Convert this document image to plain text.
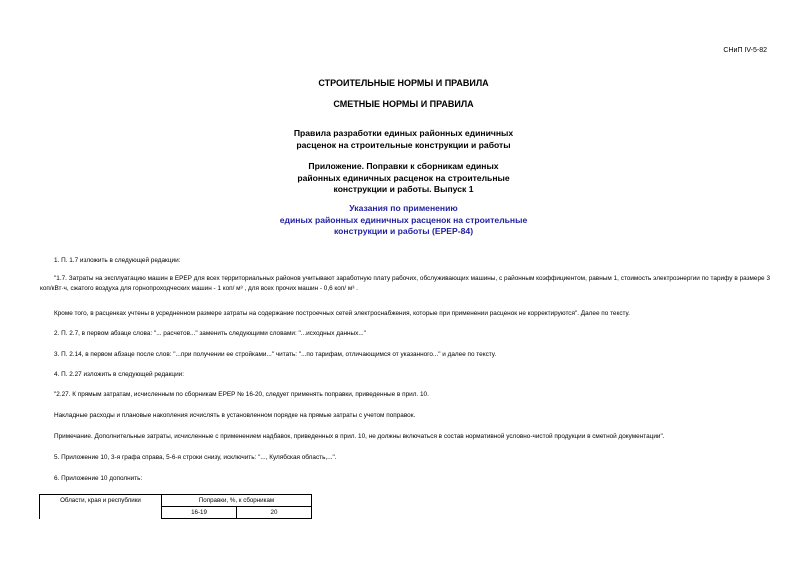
СНиП IV-5-82
СТРОИТЕЛЬНЫЕ НОРМЫ И ПРАВИЛА
СМЕТНЫЕ НОРМЫ И ПРАВИЛА
Правила разработки единых районных единичных
расценок на строительные конструкции и работы
Приложение. Поправки к сборникам единых
районных единичных расценок на строительные
конструкции и работы. Выпуск 1
Указания по применению
единых районных единичных расценок на строительные
конструкции и работы (ЕРЕР-84)
1. П. 1.7 изложить в следующей редакции:
"1.7. Затраты на эксплуатацию машин в ЕРЕР для всех территориальных районов учитывают заработную плату рабочих, обслуживающих машины, с районным коэффициентом, равным 1, стоимость электроэнергии по тарифу в размере 3 коп/кВт·ч, сжатого воздуха для горнопроходческих машин - 1 коп/ м³ , для всех прочих машин - 0,6 коп/ м³ .
Кроме того, в расценках учтены в усредненном размере затраты на содержание построечных сетей электроснабжения, которые при применении расценок не корректируются". Далее по тексту.
2. П. 2.7, в первом абзаце слова: "... расчетов..." заменить следующими словами: "...исходных данных..."
3. П. 2.14, в первом абзаце после слов: "...при получении ее стройками..." читать: "...по тарифам, отличающимся от указанного..." и далее по тексту.
4. П. 2.27 изложить в следующей редакции:
"2.27. К прямым затратам, исчисленным по сборникам ЕРЕР № 16-20, следует применять поправки, приведенные в прил. 10.
Накладные расходы и плановые накопления исчислять в установленном порядке на прямые затраты с учетом поправок.
Примечание. Дополнительные затраты, исчисленные с применением надбавок, приведенных в прил. 10, не должны включаться в состав нормативной условно-чистой продукции в сметной документации".
5. Приложение 10, 3-я графа справа, 5-6-я строки снизу, исключить: "..., Кулябская область,...".
6. Приложение 10 дополнить:
Области, края и республики	Поправки, %, к сборникам		
	16-19	20	
